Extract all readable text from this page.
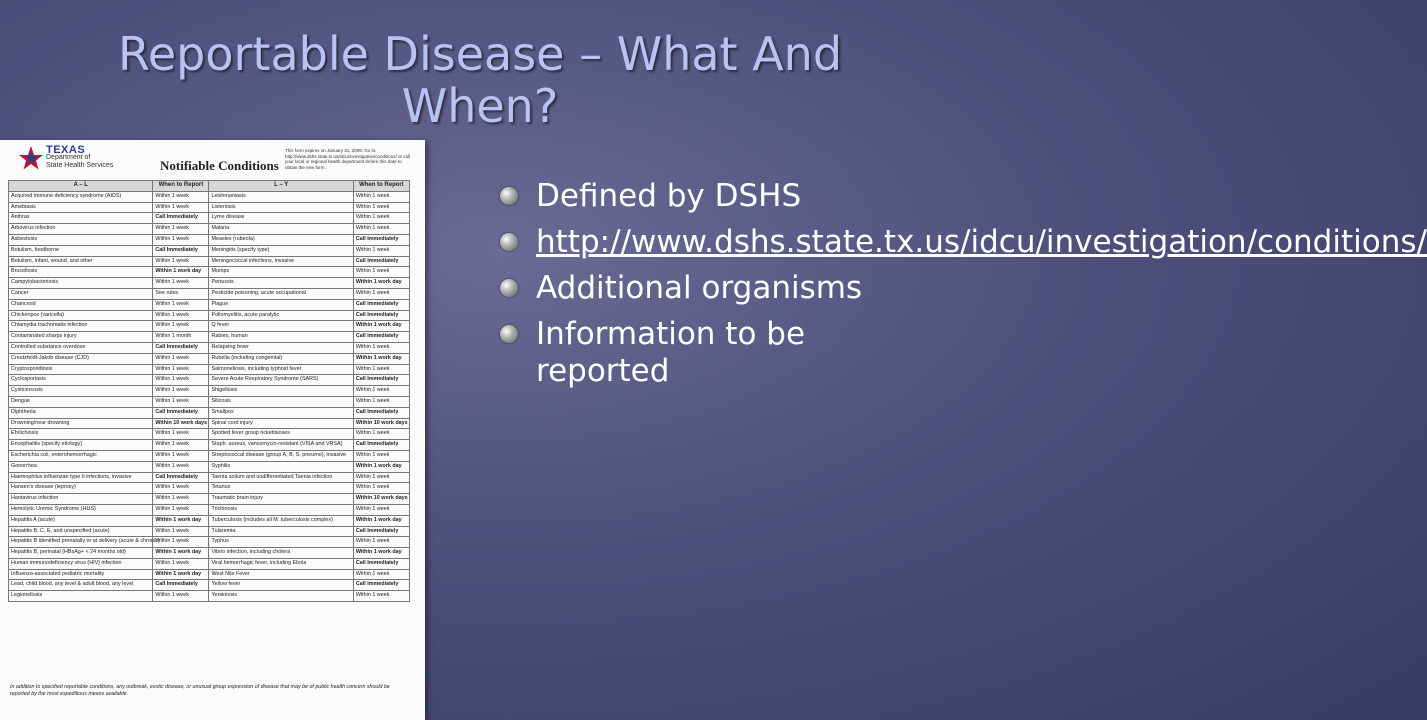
Reportable Disease – What And When?
TEXAS
Department of
State Health Services	Notifiable Conditions
This form expires on January 31, 2009. Go to: http://www.dshs.state.tx.us/idcu/investigation/conditions/ or call your local or regional health department before this date to obtain the new form.
A – L	When to Report	L – Y	When to Report
Acquired immune deficiency syndrome (AIDS)	Within 1 week	Leishmaniasis	Within 1 week
Amebiasis	Within 1 week	Listeriosis	Within 1 week
Anthrax	Call Immediately	Lyme disease	Within 1 week
Arbovirus infection	Within 1 week	Malaria	Within 1 week
Asbestosis	Within 1 week	Measles (rubeola)	Call Immediately
Botulism, foodborne	Call Immediately	Meningitis (specify type)	Within 1 week
Botulism, infant, wound, and other	Within 1 week	Meningococcal infections, invasive	Call Immediately
Brucellosis	Within 1 work day	Mumps	Within 1 week
Campylobacteriosis	Within 1 week	Pertussis	Within 1 work day
Cancer	See rules	Pesticide poisoning, acute occupational	Within 1 week
Chancroid	Within 1 week	Plague	Call Immediately
Chickenpox (varicella)	Within 1 week	Poliomyelitis, acute paralytic	Call Immediately
Chlamydia trachomatis infection	Within 1 week	Q fever	Within 1 work day
Contaminated sharps injury	Within 1 month	Rabies, human	Call Immediately
Controlled substance overdose	Call Immediately	Relapsing fever	Within 1 week
Creutzfeldt-Jakob disease (CJD)	Within 1 week	Rubella (including congenital)	Within 1 work day
Cryptosporidiosis	Within 1 week	Salmonellosis, including typhoid fever	Within 1 week
Cyclosporiasis	Within 1 week	Severe Acute Respiratory Syndrome (SARS)	Call Immediately
Cysticercosis	Within 1 week	Shigellosis	Within 1 week
Dengue	Within 1 week	Silicosis	Within 1 week
Diphtheria	Call Immediately	Smallpox	Call Immediately
Drowning/near drowning	Within 10 work days	Spinal cord injury	Within 10 work days
Ehrlichiosis	Within 1 week	Spotted fever group rickettsioses	Within 1 week
Encephalitis (specify etiology)	Within 1 week	Staph. aureus, vancomycin-resistant (VISA and VRSA)	Call Immediately
Escherichia coli, enterohemorrhagic	Within 1 week	Streptococcal disease (group A, B, S. pneumo), invasive	Within 1 week
Gonorrhea	Within 1 week	Syphilis	Within 1 work day
Haemophilus influenzae type b infections, invasive	Call Immediately	Taenia solium and undifferentiated Taenia infection	Within 1 week
Hansen's disease (leprosy)	Within 1 week	Tetanus	Within 1 week
Hantavirus infection	Within 1 week	Traumatic brain injury	Within 10 work days
Hemolytic Uremic Syndrome (HUS)	Within 1 week	Trichinosis	Within 1 week
Hepatitis A (acute)	Within 1 work day	Tuberculosis (includes all M. tuberculosis complex)	Within 1 work day
Hepatitis B, C, E, and unspecified (acute)	Within 1 week	Tularemia	Call Immediately
Hepatitis B identified prenatally or at delivery (acute & chronic)	Within 1 week	Typhus	Within 1 week
Hepatitis B, perinatal (HBsAg+ < 24 months old)	Within 1 work day	Vibrio infection, including cholera	Within 1 work day
Human immunodeficiency virus (HIV) infection	Within 1 week	Viral hemorrhagic fever, including Ebola	Call Immediately
Influenza-associated pediatric mortality	Within 1 work day	West Nile Fever	Within 1 week
Lead, child blood, any level & adult blood, any level	Call Immediately	Yellow fever	Call Immediately
Legionellosis	Within 1 week	Yersiniosis	Within 1 week
In addition to specified reportable conditions, any outbreak, exotic disease, or unusual group expression of disease that may be of public health concern should be reported by the most expeditious means available.
Defined by DSHS
http://www.dshs.state.tx.us/idcu/investigation/conditions/
Additional organisms
Information to be reported
